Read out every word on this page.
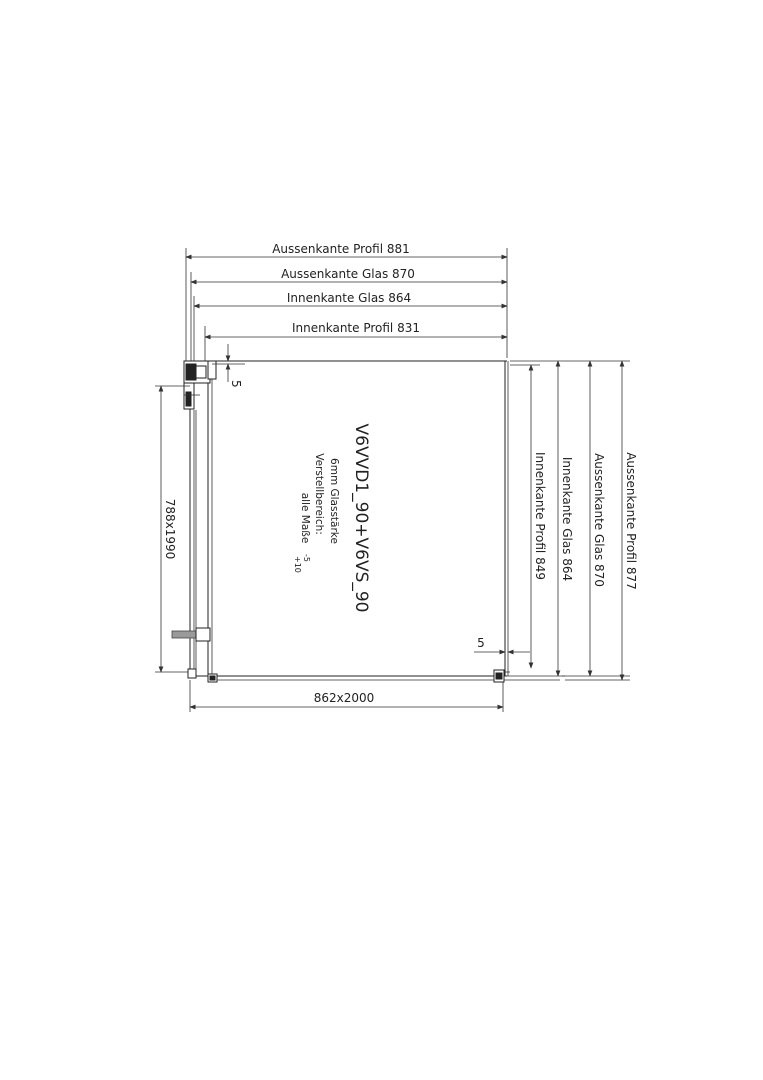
Aussenkante Profil 881
Aussenkante Glas 870
Innenkante Glas 864
Innenkante Profil 831
5
788x1990
5
862x2000
Innenkante Profil 849 Innenkante Glas 864 Aussenkante Glas 870 Aussenkante Profil 877
V6VVD1_90+V6VS_90
6mm Glasstärke
Verstellbereich:
alle Maße
-5
+10
